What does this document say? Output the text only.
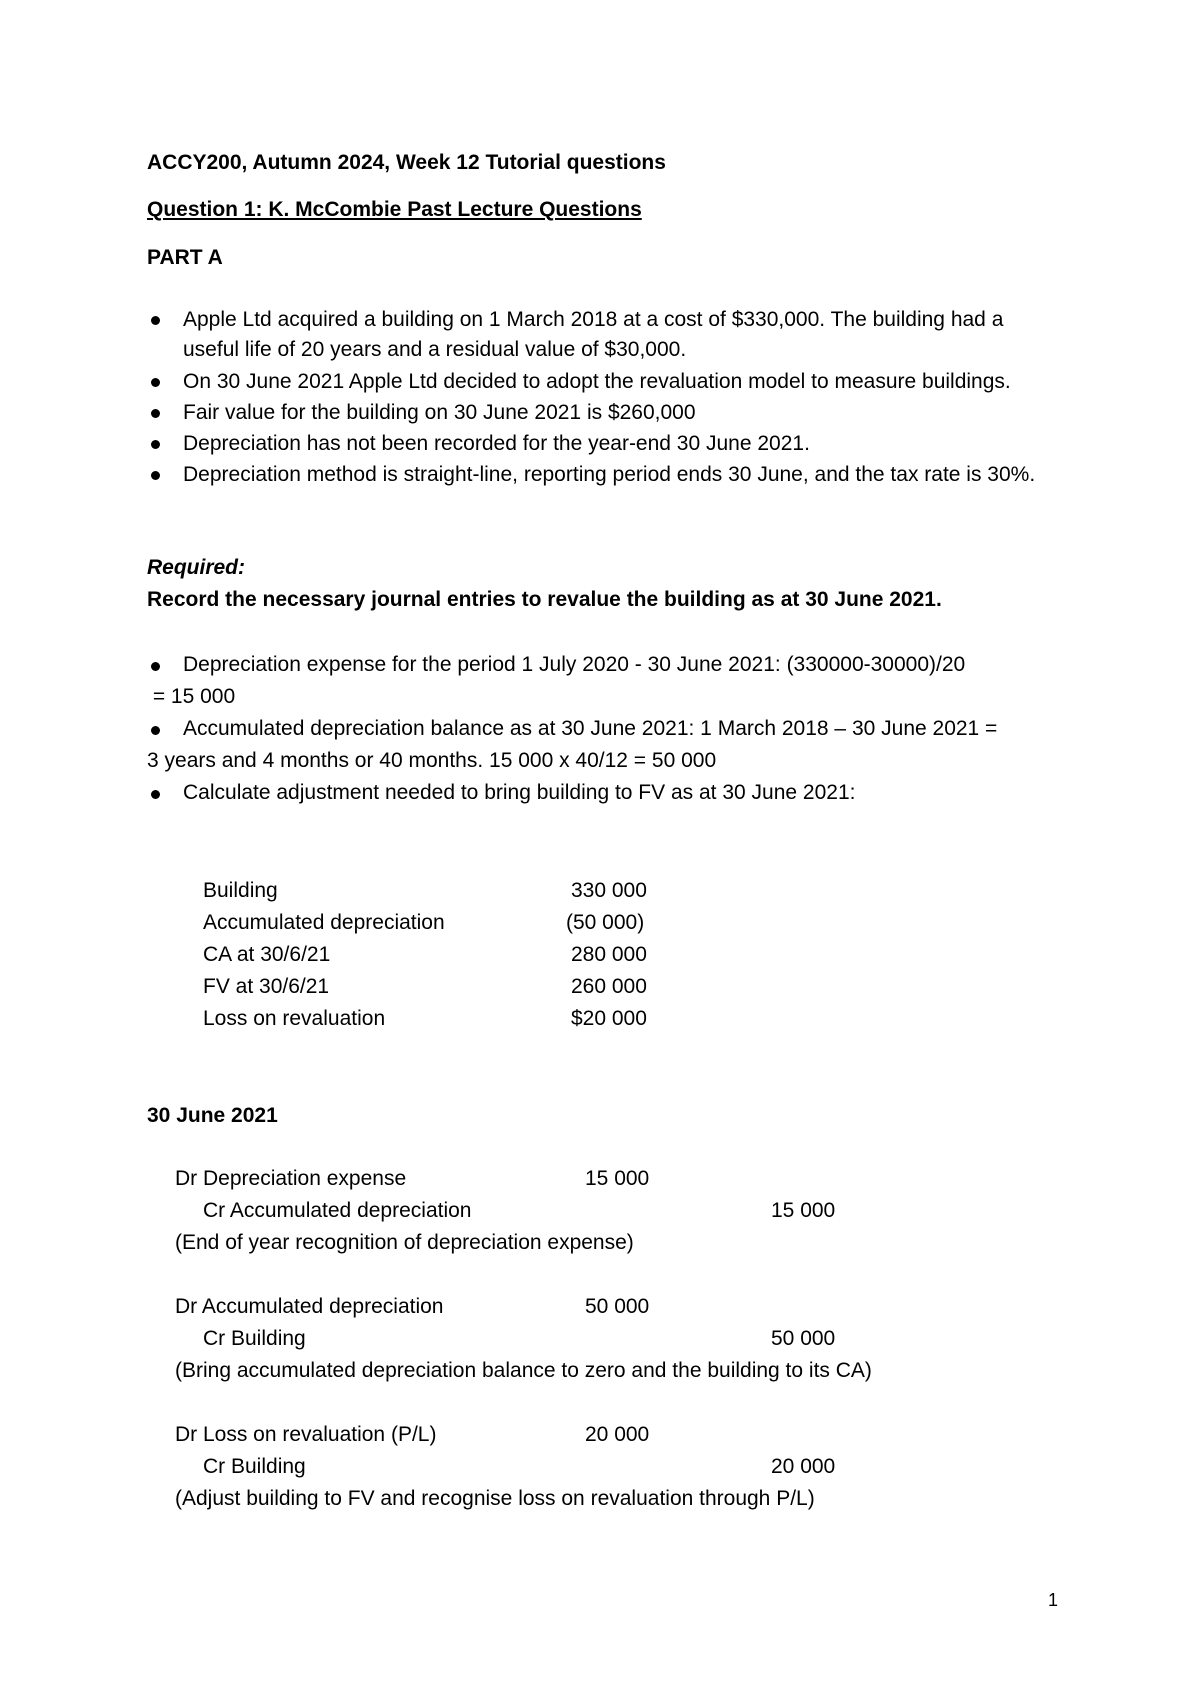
ACCY200, Autumn 2024, Week 12 Tutorial questions
Question 1: K. McCombie Past Lecture Questions
PART A
Apple Ltd acquired a building on 1 March 2018 at a cost of $330,000. The building had a useful life of 20 years and a residual value of $30,000.
On 30 June 2021 Apple Ltd decided to adopt the revaluation model to measure buildings.
Fair value for the building on 30 June 2021 is $260,000
Depreciation has not been recorded for the year-end 30 June 2021.
Depreciation method is straight-line, reporting period ends 30 June, and the tax rate is 30%.
Required:
Record the necessary journal entries to revalue the building as at 30 June 2021.
Depreciation expense for the period 1 July 2020 - 30 June 2021: (330000-30000)/20
= 15 000
Accumulated depreciation balance as at 30 June 2021: 1 March 2018 – 30 June 2021 =
3 years and 4 months or 40 months. 15 000 x 40/12 = 50 000
Calculate adjustment needed to bring building to FV as at 30 June 2021:
Building	330 000
Accumulated depreciation	(50 000)
CA at 30/6/21	280 000
FV at 30/6/21	260 000
Loss on revaluation	$20 000
30 June 2021
Dr Depreciation expense	15 000
Cr Accumulated depreciation	15 000
(End of year recognition of depreciation expense)
Dr Accumulated depreciation	50 000
Cr Building	50 000
(Bring accumulated depreciation balance to zero and the building to its CA)
Dr Loss on revaluation (P/L)	20 000
Cr Building	20 000
(Adjust building to FV and recognise loss on revaluation through P/L)
1
